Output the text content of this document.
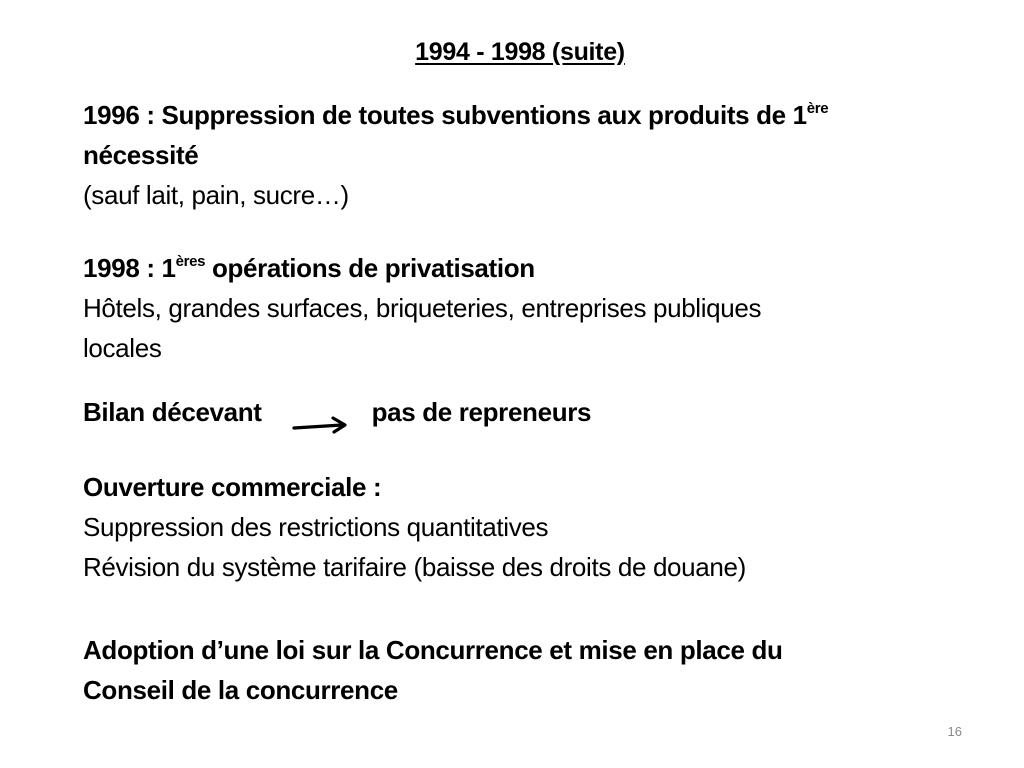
1994 - 1998 (suite)
1996 : Suppression de toutes subventions aux produits de 1ère
nécessité
(sauf lait, pain, sucre…)
1998 : 1ères opérations de privatisation
Hôtels, grandes surfaces, briqueteries, entreprises publiques
locales
Bilan décevant	pas de repreneurs
Ouverture commerciale :
Suppression des restrictions quantitatives
Révision du système tarifaire (baisse des droits de douane)
Adoption d’une loi sur la Concurrence et mise en place du
Conseil de la concurrence
16
